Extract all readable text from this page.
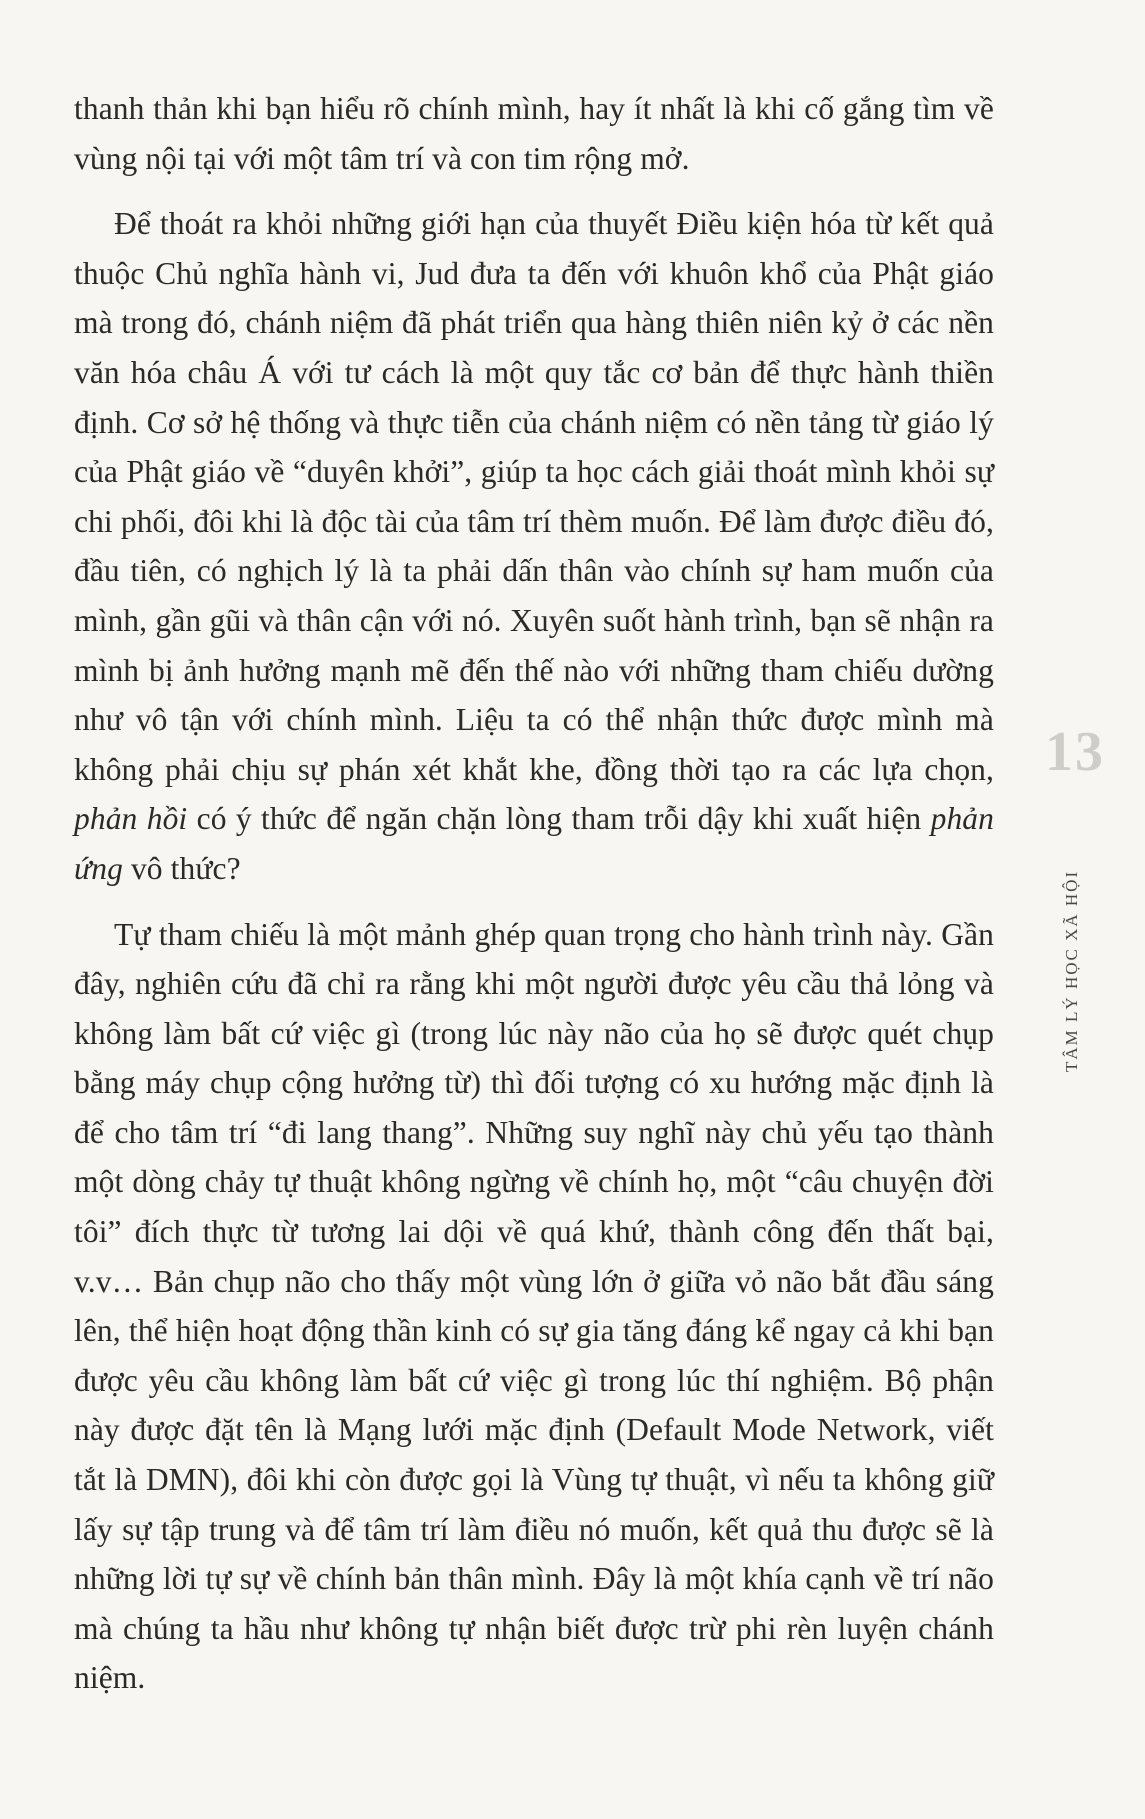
thanh thản khi bạn hiểu rõ chính mình, hay ít nhất là khi cố gắng tìm về vùng nội tại với một tâm trí và con tim rộng mở.

Để thoát ra khỏi những giới hạn của thuyết Điều kiện hóa từ kết quả thuộc Chủ nghĩa hành vi, Jud đưa ta đến với khuôn khổ của Phật giáo mà trong đó, chánh niệm đã phát triển qua hàng thiên niên kỷ ở các nền văn hóa châu Á với tư cách là một quy tắc cơ bản để thực hành thiền định. Cơ sở hệ thống và thực tiễn của chánh niệm có nền tảng từ giáo lý của Phật giáo về “duyên khởi”, giúp ta học cách giải thoát mình khỏi sự chi phối, đôi khi là độc tài của tâm trí thèm muốn. Để làm được điều đó, đầu tiên, có nghịch lý là ta phải dấn thân vào chính sự ham muốn của mình, gần gũi và thân cận với nó. Xuyên suốt hành trình, bạn sẽ nhận ra mình bị ảnh hưởng mạnh mẽ đến thế nào với những tham chiếu dường như vô tận với chính mình. Liệu ta có thể nhận thức được mình mà không phải chịu sự phán xét khắt khe, đồng thời tạo ra các lựa chọn, phản hồi có ý thức để ngăn chặn lòng tham trỗi dậy khi xuất hiện phản ứng vô thức?

Tự tham chiếu là một mảnh ghép quan trọng cho hành trình này. Gần đây, nghiên cứu đã chỉ ra rằng khi một người được yêu cầu thả lỏng và không làm bất cứ việc gì (trong lúc này não của họ sẽ được quét chụp bằng máy chụp cộng hưởng từ) thì đối tượng có xu hướng mặc định là để cho tâm trí “đi lang thang”. Những suy nghĩ này chủ yếu tạo thành một dòng chảy tự thuật không ngừng về chính họ, một “câu chuyện đời tôi” đích thực từ tương lai dội về quá khứ, thành công đến thất bại, v.v… Bản chụp não cho thấy một vùng lớn ở giữa vỏ não bắt đầu sáng lên, thể hiện hoạt động thần kinh có sự gia tăng đáng kể ngay cả khi bạn được yêu cầu không làm bất cứ việc gì trong lúc thí nghiệm. Bộ phận này được đặt tên là Mạng lưới mặc định (Default Mode Network, viết tắt là DMN), đôi khi còn được gọi là Vùng tự thuật, vì nếu ta không giữ lấy sự tập trung và để tâm trí làm điều nó muốn, kết quả thu được sẽ là những lời tự sự về chính bản thân mình. Đây là một khía cạnh về trí não mà chúng ta hầu như không tự nhận biết được trừ phi rèn luyện chánh niệm.

13
TÂM LÝ HỌC XÃ HỘI
